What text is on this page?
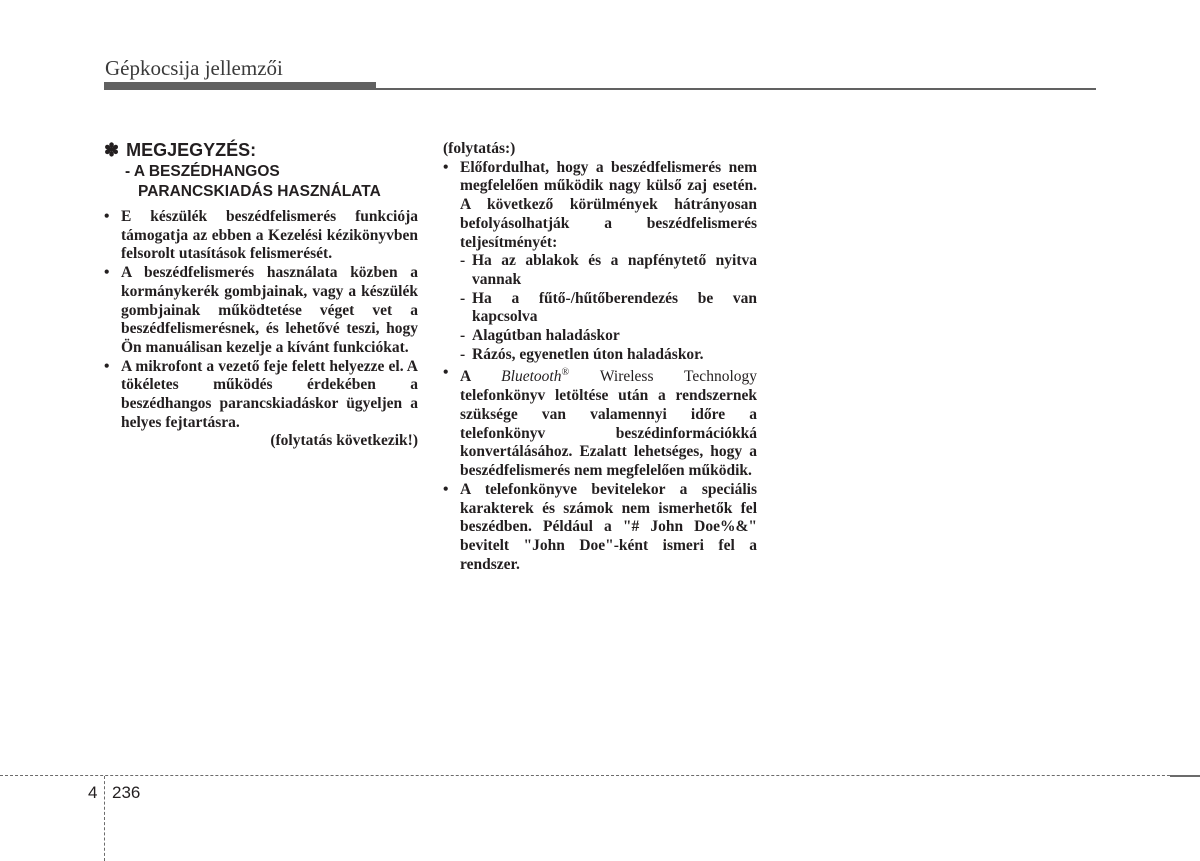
Gépkocsija jellemzői

✽ MEGJEGYZÉS:

- A BESZÉDHANGOS PARANCSKIADÁS HASZNÁLATA
• E készülék beszédfelismerés funkciója támogatja az ebben a Kezelési kézikönyvben felsorolt utasítások felismerését.
• A beszédfelismerés használata közben a kormánykerék gombjainak, vagy a készülék gombjainak működtetése véget vet a beszédfelismerésnek, és lehetővé teszi, hogy Ön manuálisan kezelje a kívánt funkciókat.
• A mikrofont a vezető feje felett helyezze el. A tökéletes működés érdekében a beszédhangos parancskiadáskor ügyeljen a helyes fejtartásra.
(folytatás következik!)

(folytatás:)

• Előfordulhat, hogy a beszédfelismerés nem megfelelően működik nagy külső zaj esetén. A következő körülmények hátrányosan befolyásolhatják a beszédfelismerés teljesítményét:
- Ha az ablakok és a napfénytető nyitva vannak
- Ha a fűtő-/hűtőberendezés be van kapcsolva
- Alagútban haladáskor
- Rázós, egyenetlen úton haladáskor.
• A Bluetooth® Wireless Technology telefonkönyv letöltése után a rendszernek szüksége van valamennyi időre a telefonkönyv beszédinformációkká konvertálásához. Ezalatt lehetséges, hogy a beszédfelismerés nem megfelelően működik.
• A telefonkönyve bevitelekor a speciális karakterek és számok nem ismerhetők fel beszédben. Például a "# John Doe%&" bevitelt "John Doe"-ként ismeri fel a rendszer.
4 236
